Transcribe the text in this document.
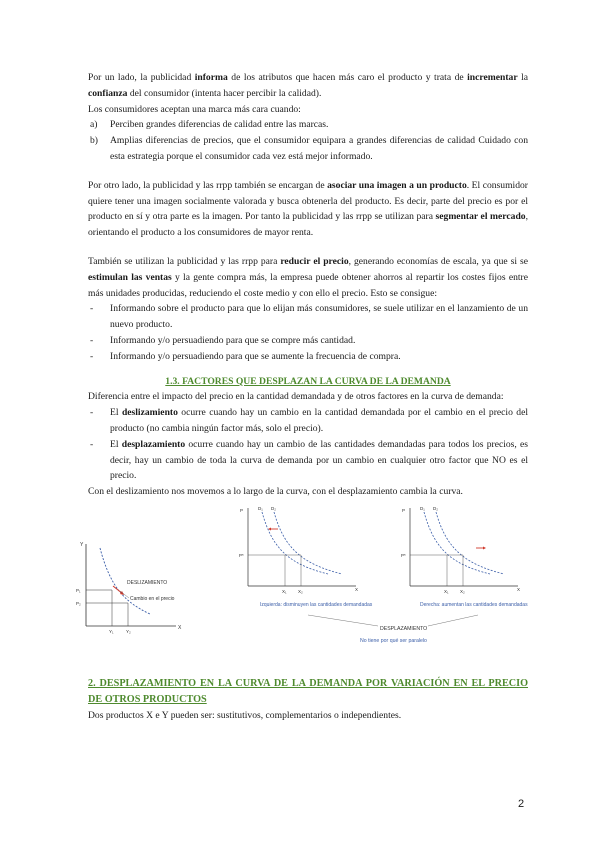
Por un lado, la publicidad informa de los atributos que hacen más caro el producto y trata de incrementar la confianza del consumidor (intenta hacer percibir la calidad).

Los consumidores aceptan una marca más cara cuando:

a) Perciben grandes diferencias de calidad entre las marcas.
b) Amplias diferencias de precios, que el consumidor equipara a grandes diferencias de calidad Cuidado con esta estrategia porque el consumidor cada vez está mejor informado.

Por otro lado, la publicidad y las rrpp también se encargan de asociar una imagen a un producto. El consumidor quiere tener una imagen socialmente valorada y busca obtenerla del producto. Es decir, parte del precio es por el producto en sí y otra parte es la imagen. Por tanto la publicidad y las rrpp se utilizan para segmentar el mercado, orientando el producto a los consumidores de mayor renta.

También se utilizan la publicidad y las rrpp para reducir el precio, generando economías de escala, ya que si se estimulan las ventas y la gente compra más, la empresa puede obtener ahorros al repartir los costes fijos entre más unidades producidas, reduciendo el coste medio y con ello el precio. Esto se consigue:

- Informando sobre el producto para que lo elijan más consumidores, se suele utilizar en el lanzamiento de un nuevo producto.
- Informando y/o persuadiendo para que se compre más cantidad.
- Informando y/o persuadiendo para que se aumente la frecuencia de compra.

1.3. FACTORES QUE DESPLAZAN LA CURVA DE LA DEMANDA

Diferencia entre el impacto del precio en la cantidad demandada y de otros factores en la curva de demanda:

- El deslizamiento ocurre cuando hay un cambio en la cantidad demandada por el cambio en el precio del producto (no cambia ningún factor más, solo el precio).
- El desplazamiento ocurre cuando hay un cambio de las cantidades demandadas para todos los precios, es decir, hay un cambio de toda la curva de demanda por un cambio en cualquier otro factor que NO es el precio.

Con el deslizamiento nos movemos a lo largo de la curva, con el desplazamiento cambia la curva.

Y
X
P₁
P₂
Y₁	Y₂
DESLIZAMIENTO
Cambio en el precio
P
X
D₁ D₂
P*
X₁	X₂
Izquierda: disminuyen las cantidades demandadas
P
X
D₁ D₂
P*
X₁	X₂
Derecha: aumentan las cantidades demandadas
DESPLAZAMIENTO
No tiene por qué ser paralelo

2. DESPLAZAMIENTO EN LA CURVA DE LA DEMANDA POR VARIACIÓN EN EL PRECIO DE OTROS PRODUCTOS

Dos productos X e Y pueden ser: sustitutivos, complementarios o independientes.

2
